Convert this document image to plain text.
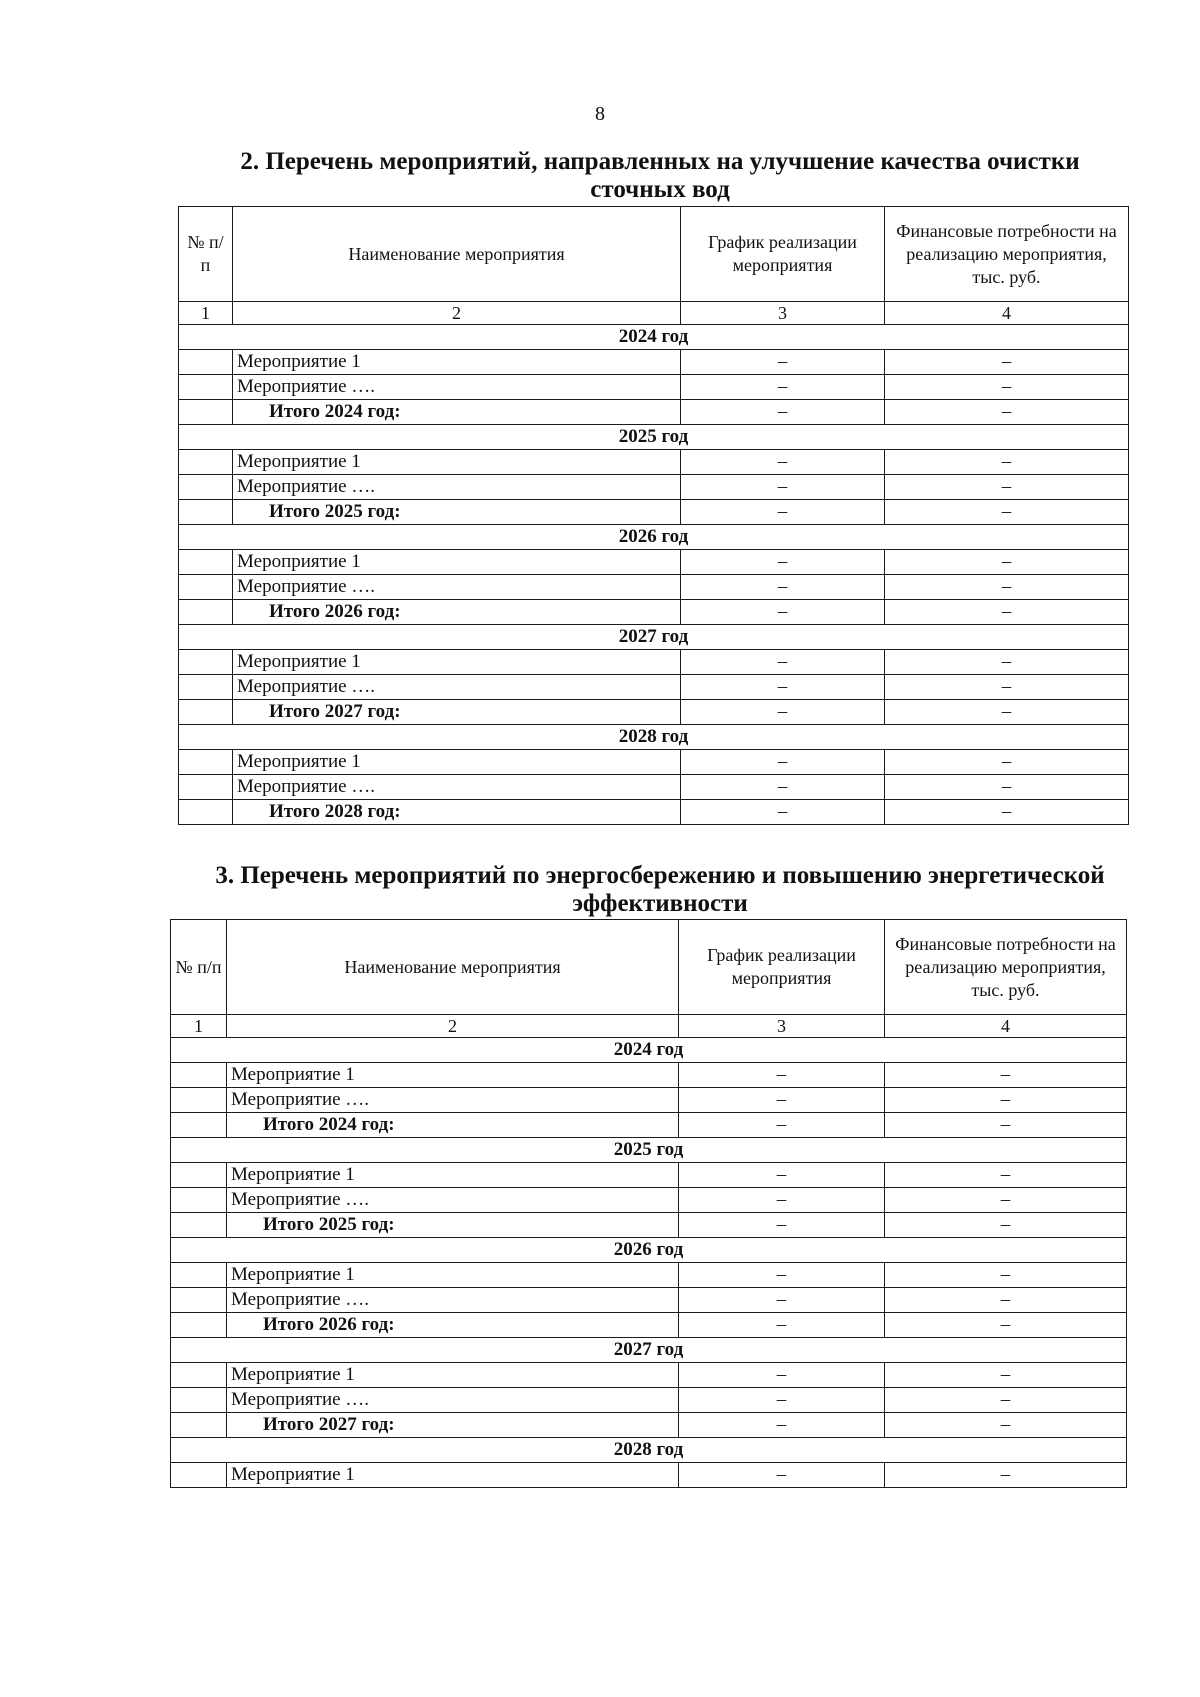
8
2. Перечень мероприятий, направленных на улучшение качества очистки сточных вод
№ п/п	Наименование мероприятия	График реализации мероприятия	Финансовые потребности на реализацию мероприятия, тыс. руб.
1	2	3	4
2024 год			
	Мероприятие 1	–	–
	Мероприятие ….	–	–
	Итого 2024 год:	–	–
2025 год			
	Мероприятие 1	–	–
	Мероприятие ….	–	–
	Итого 2025 год:	–	–
2026 год			
	Мероприятие 1	–	–
	Мероприятие ….	–	–
	Итого 2026 год:	–	–
2027 год			
	Мероприятие 1	–	–
	Мероприятие ….	–	–
	Итого 2027 год:	–	–
2028 год			
	Мероприятие 1	–	–
	Мероприятие ….	–	–
	Итого 2028 год:	–	–
3. Перечень мероприятий по энергосбережению и повышению энергетической эффективности
№ п/п	Наименование мероприятия	График реализации мероприятия	Финансовые потребности на реализацию мероприятия, тыс. руб.
1	2	3	4
2024 год			
	Мероприятие 1	–	–
	Мероприятие ….	–	–
	Итого 2024 год:	–	–
2025 год			
	Мероприятие 1	–	–
	Мероприятие ….	–	–
	Итого 2025 год:	–	–
2026 год			
	Мероприятие 1	–	–
	Мероприятие ….	–	–
	Итого 2026 год:	–	–
2027 год			
	Мероприятие 1	–	–
	Мероприятие ….	–	–
	Итого 2027 год:	–	–
2028 год			
	Мероприятие 1	–	–
